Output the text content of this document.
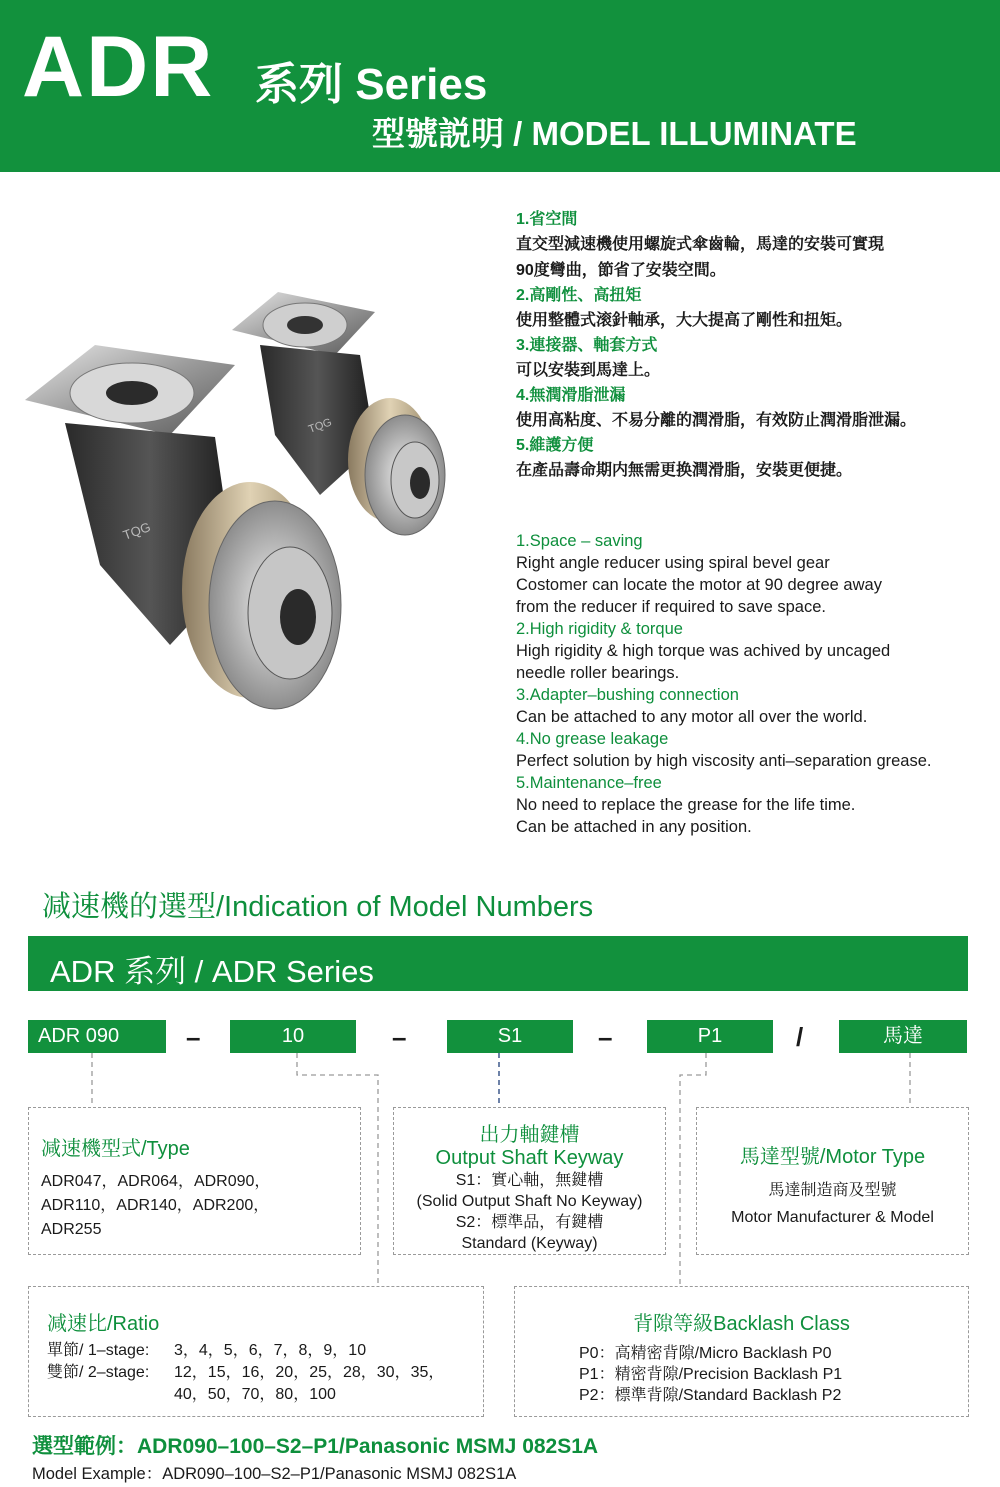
ADR 系列 Series
型號説明 / MODEL ILLUMINATE
TQG
TQG
1.省空間
直交型減速機使用螺旋式傘齒輪，馬達的安裝可實現
90度彎曲，節省了安裝空間。
2.高剛性、高扭矩
使用整體式滚針軸承，大大提高了剛性和扭矩。
3.連接器、軸套方式
可以安裝到馬達上。
4.無潤滑脂泄漏
使用高粘度、不易分離的潤滑脂，有效防止潤滑脂泄漏。
5.維護方便
在產品壽命期内無需更换潤滑脂，安裝更便捷。
1.Space – saving
Right angle reducer using spiral bevel gear
Costomer can locate the motor at 90 degree away
from the reducer if required to save space.
2.High rigidity & torque
High rigidity & high torque was achived by uncaged
needle roller bearings.
3.Adapter–bushing connection
Can be attached to any motor all over the world.
4.No grease leakage
Perfect solution by high viscosity anti–separation grease.
5.Maintenance–free
No need to replace the grease for the life time.
Can be attached in any position.
减速機的選型/Indication of Model Numbers
ADR 系列 / ADR Series
ADR 090	–	10	–	S1	–	P1	/	馬達
减速機型式/Type
ADR047，ADR064，ADR090，
ADR110，ADR140，ADR200，
ADR255
出力軸鍵槽
Output Shaft Keyway
S1：實心軸，無鍵槽
(Solid Output Shaft No Keyway)
S2：標準品，有鍵槽
Standard (Keyway)
馬達型號/Motor Type
馬達制造商及型號
Motor Manufacturer & Model
减速比/Ratio
單節/ 1–stage: 3，4，5，6，7，8，9，10
雙節/ 2–stage: 12，15，16，20，25，28，30，35，
40，50，70，80，100
背隙等級Backlash Class
P0：高精密背隙/Micro Backlash P0
P1：精密背隙/Precision Backlash P1
P2：標準背隙/Standard Backlash P2
選型範例：ADR090–100–S2–P1/Panasonic MSMJ 082S1A
Model Example：ADR090–100–S2–P1/Panasonic MSMJ 082S1A
